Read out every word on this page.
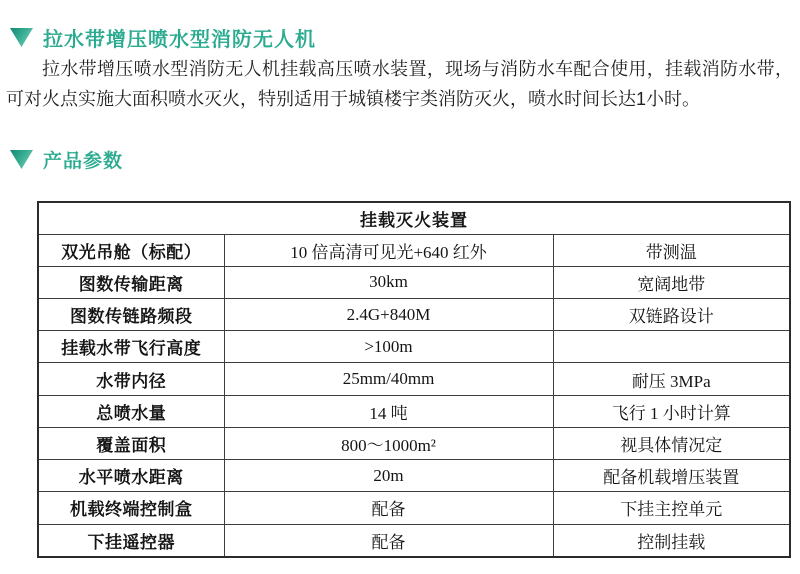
拉水带增压喷水型消防无人机

拉水带增压喷水型消防无人机挂载高压喷水装置，现场与消防水车配合使用，挂载消防水带，可对火点实施大面积喷水灭火，特别适用于城镇楼宇类消防灭火，喷水时间长达1小时。

产品参数
挂载灭火装置		
双光吊舱（标配）	10 倍高清可见光+640 红外	带测温
图数传输距离	30km	宽阔地带
图数传链路频段	2.4G+840M	双链路设计
挂载水带飞行高度	>100m	
水带内径	25mm/40mm	耐压 3MPa
总喷水量	14 吨	飞行 1 小时计算
覆盖面积	800～1000m²	视具体情况定
水平喷水距离	20m	配备机载增压装置
机载终端控制盒	配备	下挂主控单元
下挂遥控器	配备	控制挂载
